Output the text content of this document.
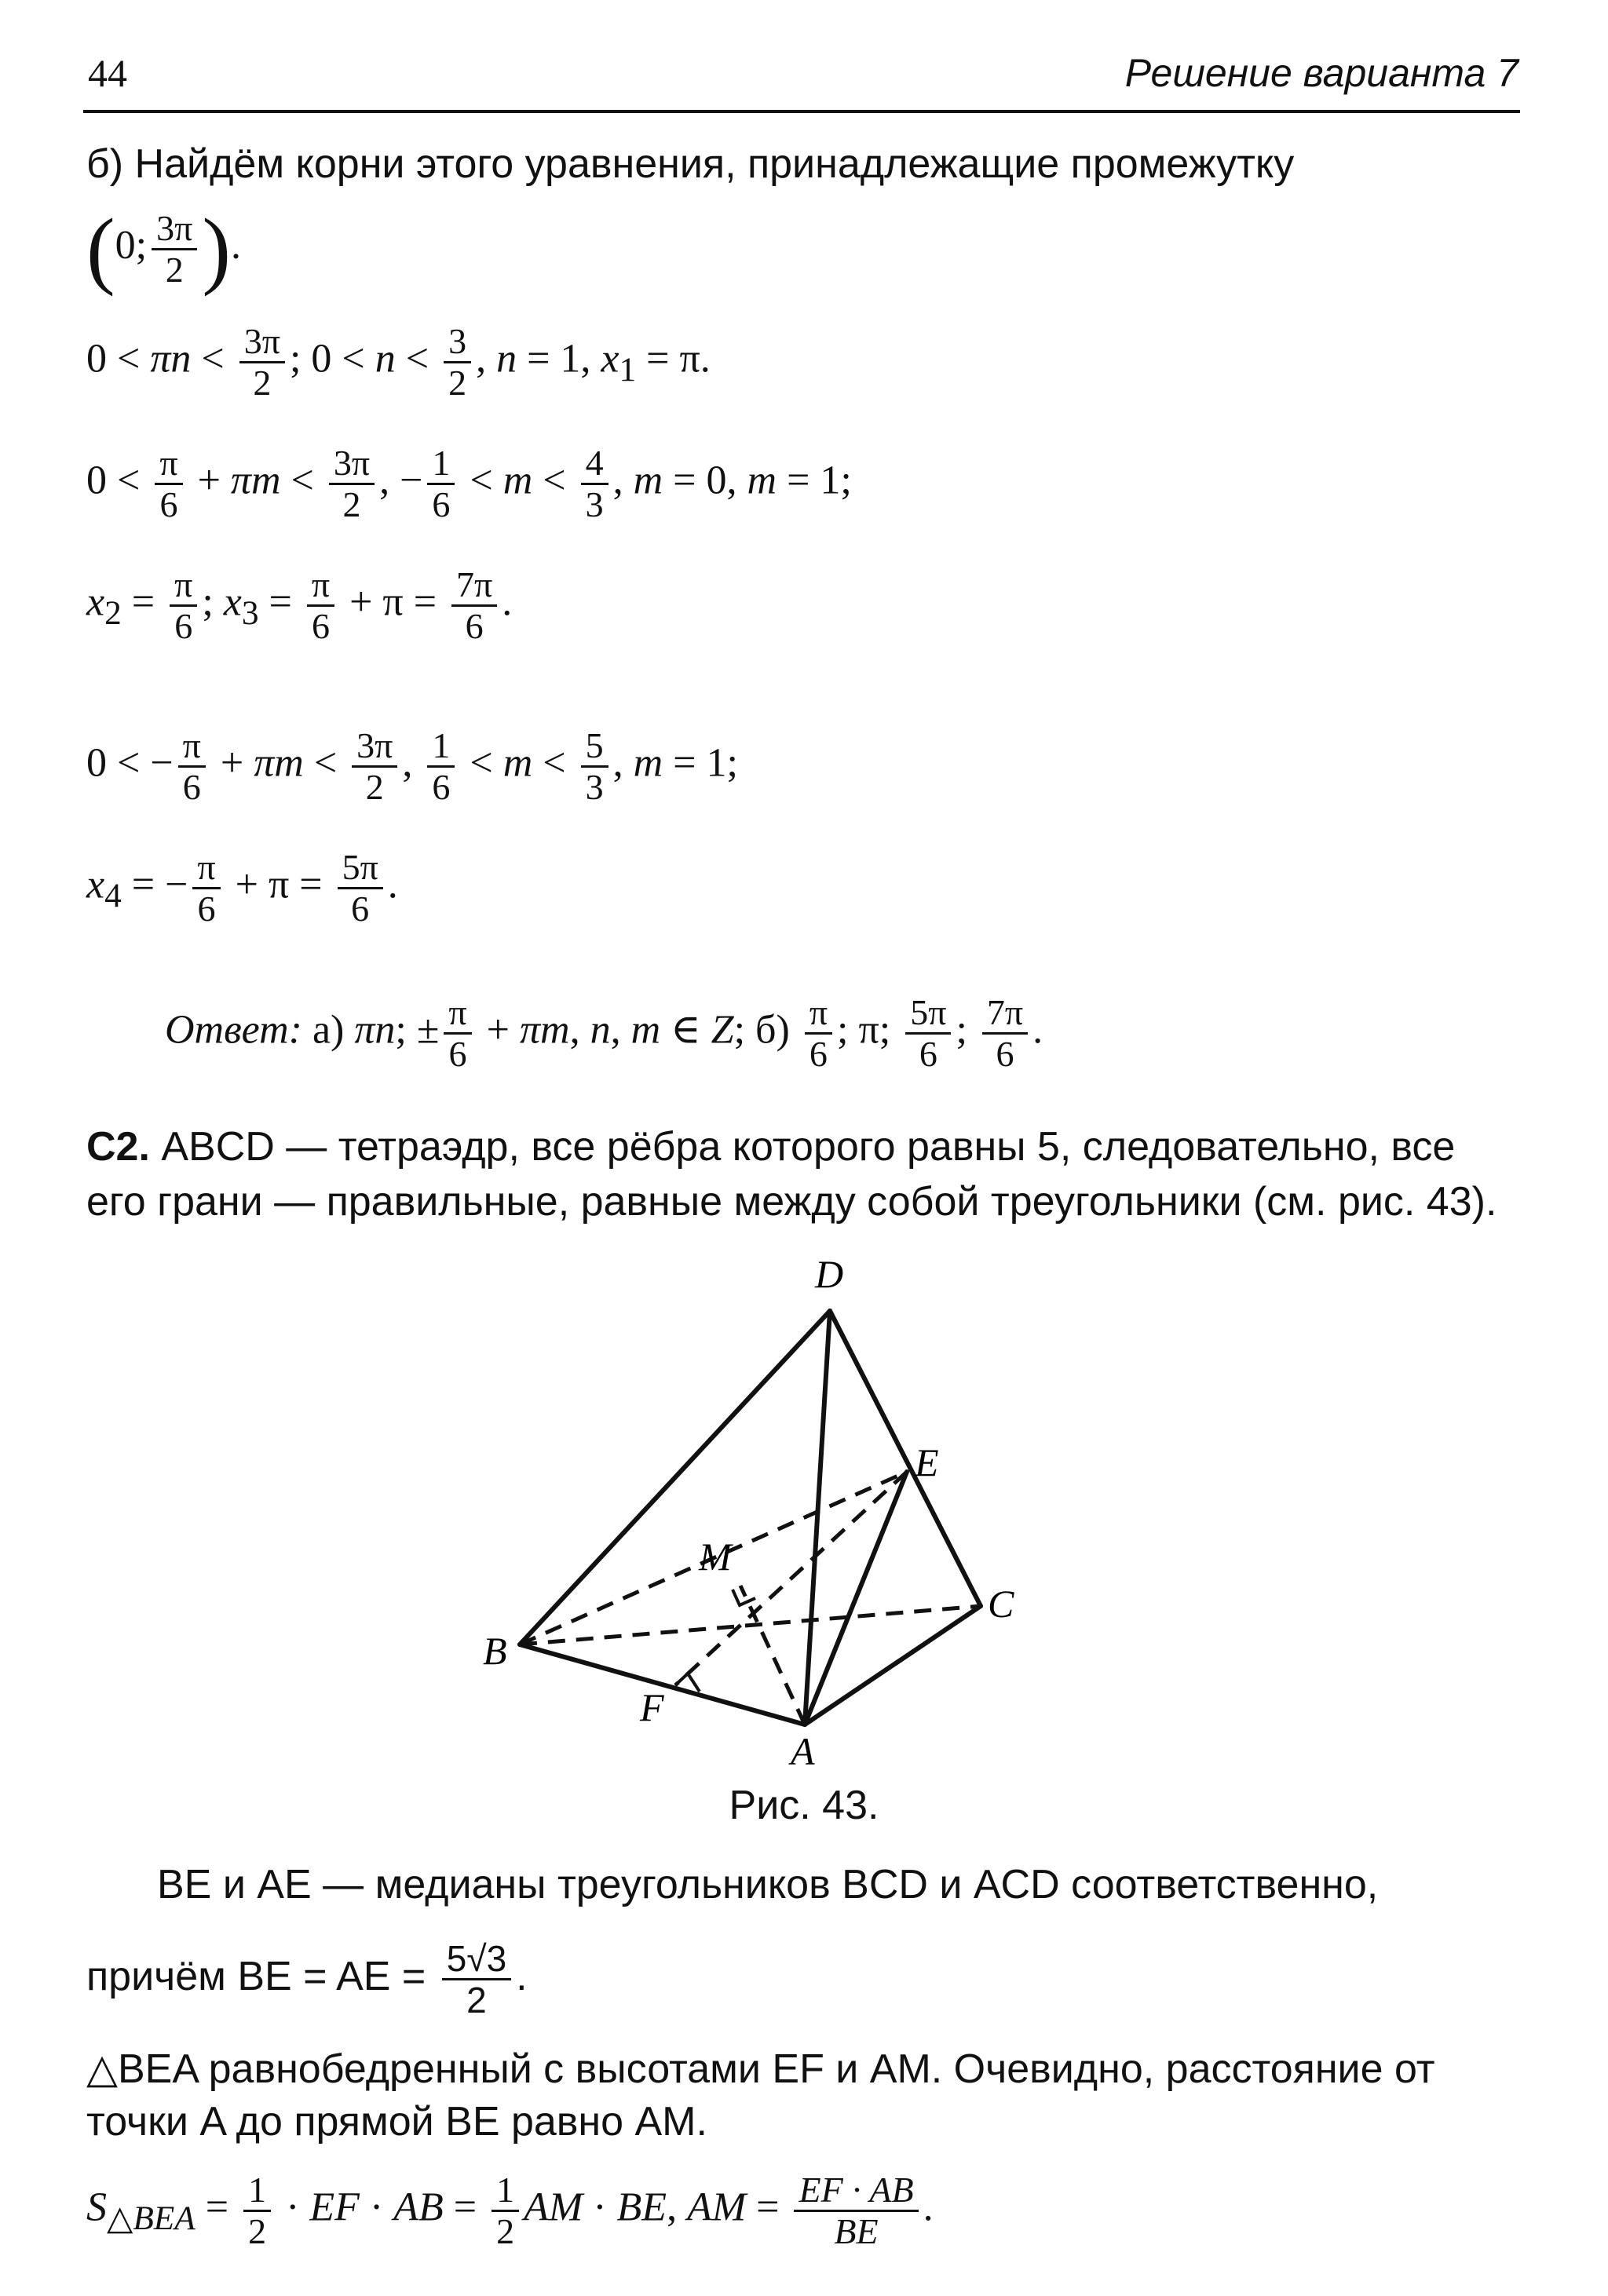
44	Решение варианта 7
б) Найдём корни этого уравнения, принадлежащие промежутку
(0; $\frac{3\pi}{2}$ ).
$0 < \pi n < \frac{3\pi}{2}$ ; $0 < n < \frac{3}{2}$ , n = 1, $x_1 = \pi$.
$0 < \frac{\pi}{6} + \pi m < \frac{3\pi}{2}$ , − $\frac{1}{6} < m < \frac{4}{3}$ , m = 0, m = 1;
$x_2 = \frac{\pi}{6}$ ; $x_3 = \frac{\pi}{6} + \pi = \frac{7\pi}{6}$ .
0 < − $\frac{\pi}{6} + \pi m < \frac{3\pi}{2}$ , $\frac{1}{6} < m < \frac{5}{3}$ , m = 1;
$x_4$ = − $\frac{\pi}{6} + \pi = \frac{5\pi}{6}$ .
Ответ: а) πn; ± $\frac{\pi}{6} + \pi m$, n, m ∈ Z; $б) \frac{\pi}{6}$ ; π; $\frac{5\pi}{6}$ ; $\frac{7\pi}{6}$ .
С2. ABCD — тетраэдр, все рёбра которого равны 5, следовательно, все
его грани — правильные, равные между собой треугольники (см. рис. 43).
D
E
M
C
B
F
A
Рис. 43.
BE и AE — медианы треугольников BCD и ACD соответственно,
причём BE = AE = $\frac{5√3}{2}$ .
△BEA равнобедренный с высотами EF и AM. Очевидно, расстояние от
точки A до прямой BE равно AM.
$S_{\triangle BEA} = \frac{1}{2}$ · EF · AB = $\frac{1}{2}$ AM · BE, AM = $\frac{EF \cdot AB}{BE}$ .
